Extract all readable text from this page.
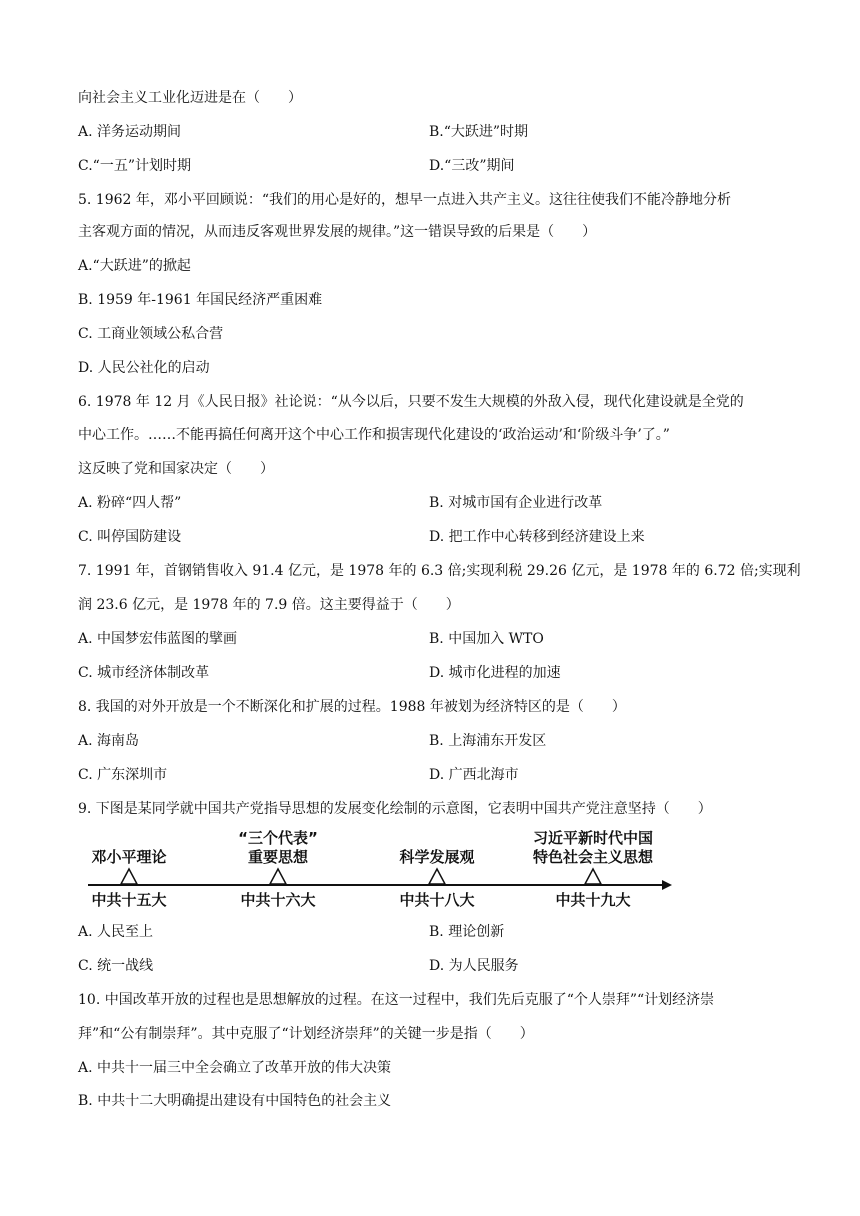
向社会主义工业化迈进是在（　　）
A. 洋务运动期间	B.“大跃进”时期
C.“一五”计划时期	D.“三改”期间
5. 1962 年，邓小平回顾说：“我们的用心是好的，想早一点进入共产主义。这往往使我们不能冷静地分析
主客观方面的情况，从而违反客观世界发展的规律。”这一错误导致的后果是（　　）
A.“大跃进”的掀起
B. 1959 年-1961 年国民经济严重困难
C. 工商业领域公私合营
D. 人民公社化的启动
6. 1978 年 12 月《人民日报》社论说：“从今以后，只要不发生大规模的外敌入侵，现代化建设就是全党的
中心工作。……不能再搞任何离开这个中心工作和损害现代化建设的‘政治运动’和‘阶级斗争’了。”
这反映了党和国家决定（　　）
A. 粉碎“四人帮”	B. 对城市国有企业进行改革
C. 叫停国防建设	D. 把工作中心转移到经济建设上来
7. 1991 年，首钢销售收入 91.4 亿元，是 1978 年的 6.3 倍;实现利税 29.26 亿元，是 1978 年的 6.72 倍;实现利
润 23.6 亿元，是 1978 年的 7.9 倍。这主要得益于（　　）
A. 中国梦宏伟蓝图的擘画	B. 中国加入 WTO
C. 城市经济体制改革	D. 城市化进程的加速
8. 我国的对外开放是一个不断深化和扩展的过程。1988 年被划为经济特区的是（　　）
A. 海南岛	B. 上海浦东开发区
C. 广东深圳市	D. 广西北海市
9. 下图是某同学就中国共产党指导思想的发展变化绘制的示意图，它表明中国共产党注意坚持（　　）
邓小平理论
“三个代表”
重要思想	科学发展观
习近平新时代中国
特色社会主义思想
中共十五大	中共十六大	中共十八大	中共十九大
A. 人民至上	B. 理论创新
C. 统一战线	D. 为人民服务
10. 中国改革开放的过程也是思想解放的过程。在这一过程中，我们先后克服了“个人崇拜”“计划经济崇
拜”和“公有制崇拜”。其中克服了“计划经济崇拜”的关键一步是指（　　）
A. 中共十一届三中全会确立了改革开放的伟大决策
B. 中共十二大明确提出建设有中国特色的社会主义
